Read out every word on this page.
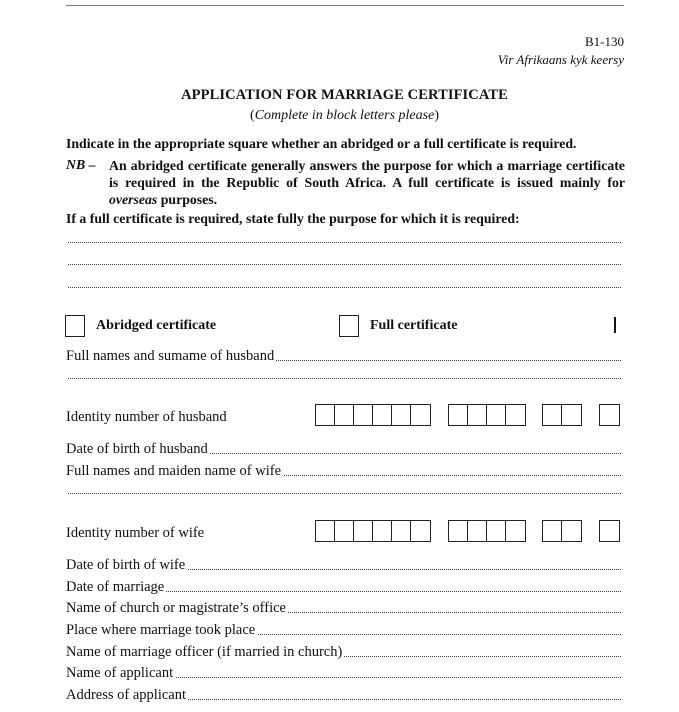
B1-130
Vir Afrikaans kyk keersy
APPLICATION FOR MARRIAGE CERTIFICATE
(Complete in block letters please)
Indicate in the appropriate square whether an abridged or a full certificate is required.
NB – An abridged certificate generally answers the purpose for which a marriage certificate is required in the Republic of South Africa. A full certificate is issued mainly for overseas purposes.
If a full certificate is required, state fully the purpose for which it is required:
Abridged certificate	Full certificate
Full names and sumame of husband
Identity number of husband
Date of birth of husband
Full names and maiden name of wife
Identity number of wife
Date of birth of wife
Date of marriage
Name of church or magistrate’s office
Place where marriage took place
Name of marriage officer (if married in church)
Name of applicant
Address of applicant
